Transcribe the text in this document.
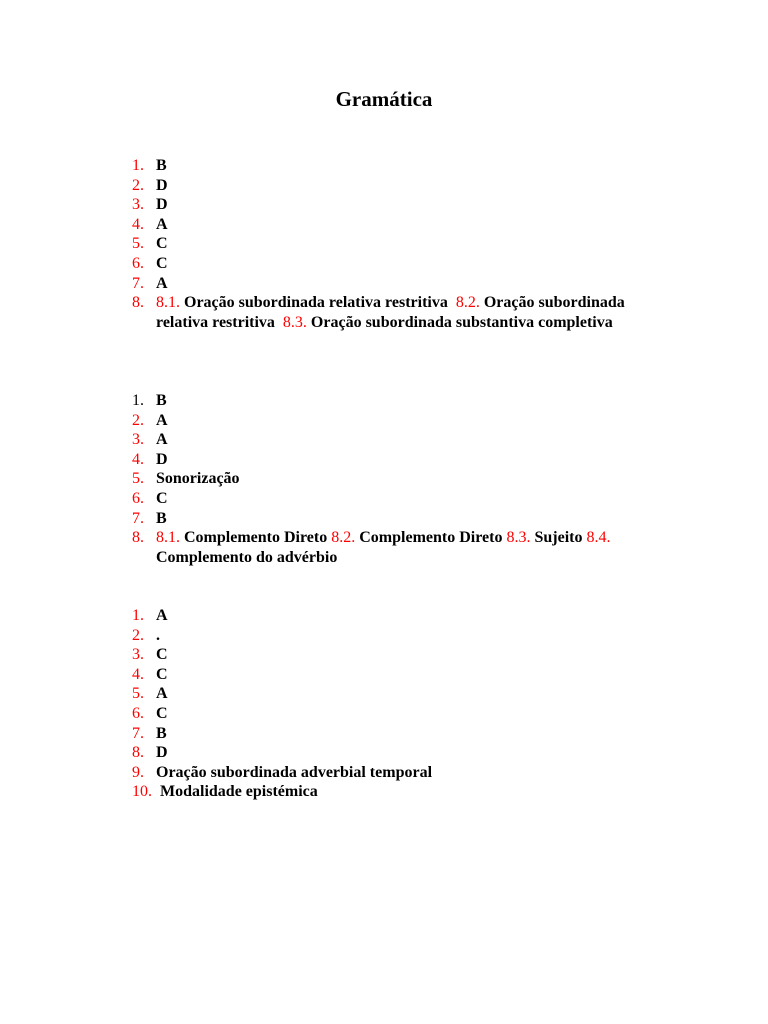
Gramática
1. B
2. D
3. D
4. A
5. C
6. C
7. A
8. 8.1. Oração subordinada relativa restritiva 8.2. Oração subordinada relativa restritiva 8.3. Oração subordinada substantiva completiva
1. B
2. A
3. A
4. D
5. Sonorização
6. C
7. B
8. 8.1. Complemento Direto 8.2. Complemento Direto 8.3. Sujeito 8.4.  Complemento do advérbio
1. A
2. .
3. C
4. C
5. A
6. C
7. B
8. D
9. Oração subordinada adverbial temporal
10. Modalidade epistémica
